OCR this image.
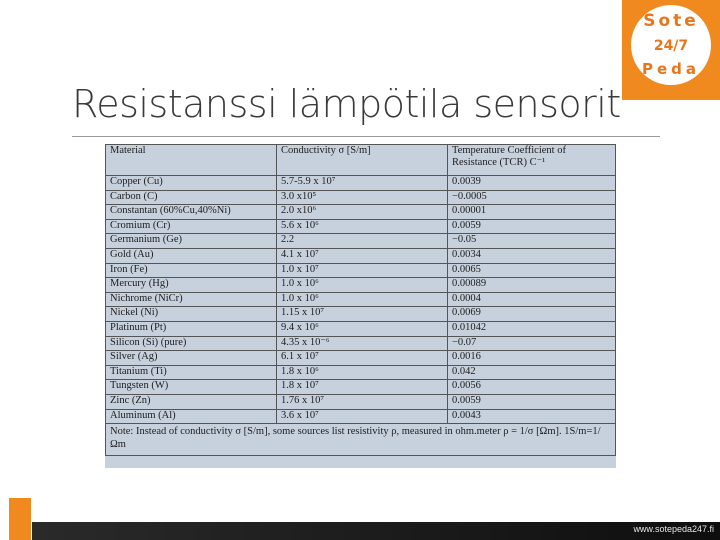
Sote
24/7
Peda
Resistanssi lämpötila sensorit
Material	Conductivity σ [S/m]	Temperature Coefficient of Resistance (TCR) C⁻¹
Copper (Cu)	5.7-5.9 x 10⁷	0.0039
Carbon (C)	3.0 x10⁵	−0.0005
Constantan (60%Cu,40%Ni)	2.0 x10⁶	0.00001
Cromium (Cr)	5.6 x 10⁶	0.0059
Germanium (Ge)	2.2	−0.05
Gold (Au)	4.1 x 10⁷	0.0034
Iron (Fe)	1.0 x 10⁷	0.0065
Mercury (Hg)	1.0 x 10⁶	0.00089
Nichrome (NiCr)	1.0 x 10⁶	0.0004
Nickel (Ni)	1.15 x 10⁷	0.0069
Platinum (Pt)	9.4 x 10⁶	0.01042
Silicon (Si) (pure)	4.35 x 10⁻⁶	−0.07
Silver (Ag)	6.1 x 10⁷	0.0016
Titanium (Ti)	1.8 x 10⁶	0.042
Tungsten (W)	1.8 x 10⁷	0.0056
Zinc (Zn)	1.76 x 10⁷	0.0059
Aluminum (Al)	3.6 x 10⁷	0.0043
Note: Instead of conductivity σ [S/m], some sources list resistivity ρ, measured in ohm.meter ρ = 1/σ [Ωm]. 1S/m=1/Ωm		
www.sotepeda247.fi
